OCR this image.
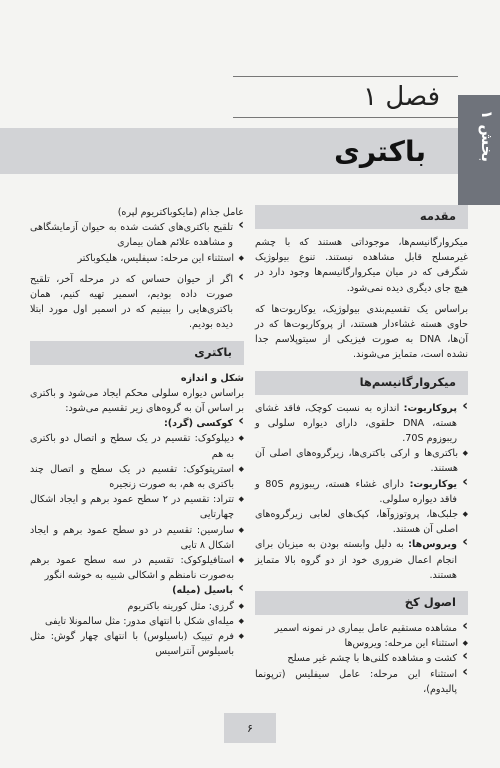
بخش ۱
فصل ۱
باکتری
مقدمه

میکروارگانیسم‌ها، موجوداتی هستند که با چشم غیرمسلح قابل مشاهده نیستند. تنوع بیولوژیک شگرفی که در میان میکروارگانیسم‌ها وجود دارد در هیچ جای دیگری دیده نمی‌شود.

براساس یک تقسیم‌بندی بیولوژیک، یوکاریوت‌ها که حاوی هسته غشاءدار هستند، از پروکاریوت‌ها که در آن‌ها، DNA به صورت فیزیکی از سیتوپلاسم جدا نشده است، متمایز می‌شوند.

میکروارگانیسم‌ها

› پروکاریوت: اندازه به نسبت کوچک، فاقد غشای هسته، DNA حلقوی، دارای دیواره سلولی و ریبوزوم 70S.

◆ باکتری‌ها و ارکی باکتری‌ها، زیرگروه‌های اصلی آن هستند.

› یوکاریوت: دارای غشاء هسته، ریبوزوم 80S و فاقد دیواره سلولی.

◆ جلبک‌ها، پروتوزوآها، کپک‌های لعابی زیرگروه‌های اصلی آن هستند.

› ویروس‌ها: به دلیل وابسته بودن به میزبان برای انجام اعمال ضروری خود از دو گروه بالا متمایز هستند.

اصول کخ

› مشاهده مستقیم عامل بیماری در نمونه اسمیر

◆ استثناء این مرحله: ویروس‌ها

› کشت و مشاهده کلنی‌ها با چشم غیر مسلح

› استثناء این مرحله: عامل سیفلیس (ترپونما پالیدوم)،

عامل جذام (مایکوباکتریوم لپره)

› تلقیح باکتری‌های کشت شده به حیوان آزمایشگاهی و مشاهده علائم همان بیماری

◆ استثناء این مرحله: سیفلیس، هلیکوباکتر

› اگر از حیوان حساس که در مرحله آخر، تلقیح صورت داده بودیم، اسمیر تهیه کنیم، همان باکتری‌هایی را ببینیم که در اسمیر اول مورد ابتلا دیده بودیم.

باکتری

شکل و اندازه

براساس دیواره سلولی محکم ایجاد می‌شود و باکتری بر اساس آن به گروه‌های زیر تقسیم می‌شود:

› کوکسی (گرد):

◆ دیپلوکوک: تقسیم در یک سطح و اتصال دو باکتری به هم

◆ استرپتوکوک: تقسیم در یک سطح و اتصال چند باکتری به هم، به صورت زنجیره

◆ تتراد: تقسیم در ۲ سطح عمود برهم و ایجاد اشکال چهارتایی

◆ سارسین: تقسیم در دو سطح عمود برهم و ایجاد اشکال ۸ تایی

◆ استافیلوکوک: تقسیم در سه سطح عمود برهم به‌صورت نامنظم و اشکالی شبیه به خوشه انگور

› باسیل (میله)

◆ گرزی: مثل کورینه باکتریوم

◆ میله‌ای شکل با انتهای مدور: مثل سالمونلا تایفی

◆ فرم تیپیک (باسیلوس) با انتهای چهار گوش: مثل باسیلوس آنتراسیس

۶
